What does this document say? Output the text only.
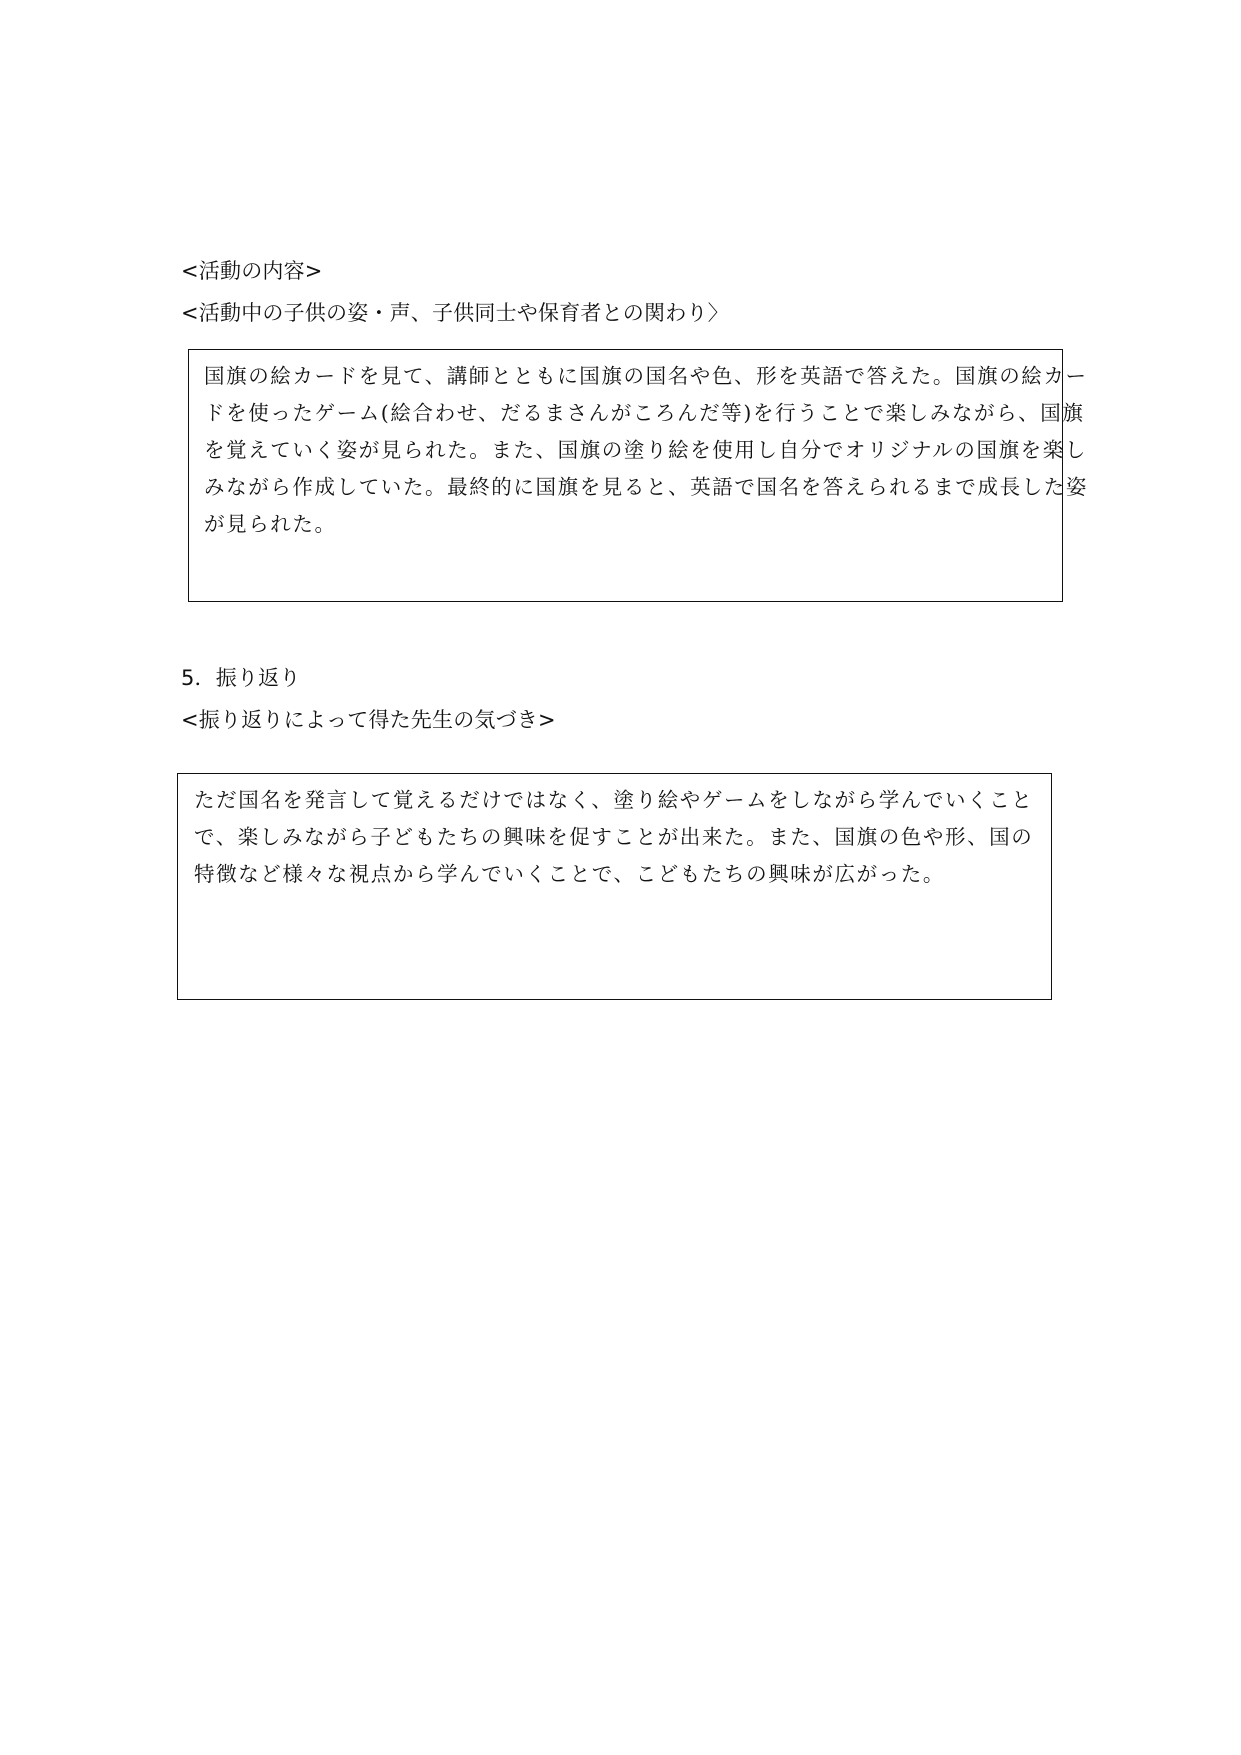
<活動の内容>
<活動中の子供の姿・声、子供同士や保育者との関わり〉
国旗の絵カードを見て、講師とともに国旗の国名や色、形を英語で答えた。国旗の絵カー
ドを使ったゲーム(絵合わせ、だるまさんがころんだ等)を行うことで楽しみながら、国旗
を覚えていく姿が見られた。また、国旗の塗り絵を使用し自分でオリジナルの国旗を楽し
みながら作成していた。最終的に国旗を見ると、英語で国名を答えられるまで成長した姿
が見られた。
5．振り返り
<振り返りによって得た先生の気づき>
ただ国名を発言して覚えるだけではなく、塗り絵やゲームをしながら学んでいくこと
で、楽しみながら子どもたちの興味を促すことが出来た。また、国旗の色や形、国の
特徴など様々な視点から学んでいくことで、こどもたちの興味が広がった。
